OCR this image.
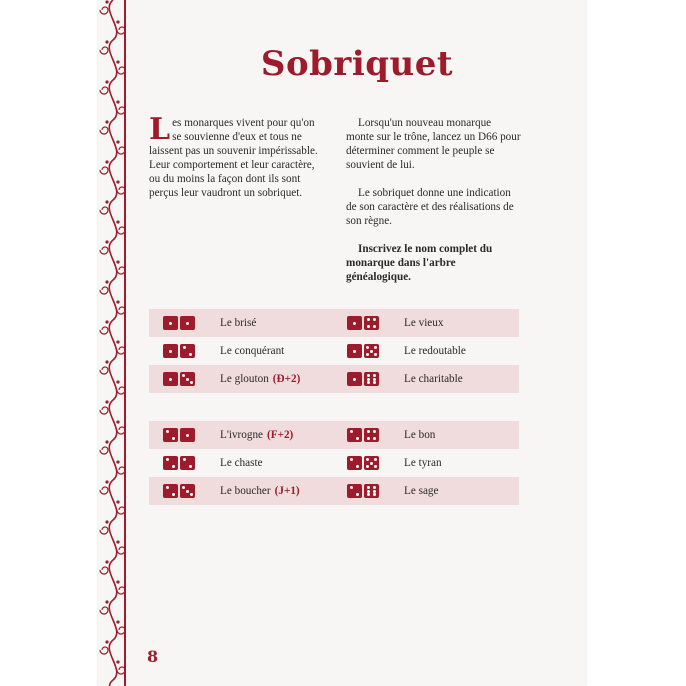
Sobriquet

Les monarques vivent pour qu'on se souvienne d'eux et tous ne laissent pas un souvenir impérissable. Leur comportement et leur caractère, ou du moins la façon dont ils sont perçus leur vaudront un sobriquet.

Lorsqu'un nouveau monarque monte sur le trône, lancez un D66 pour déterminer comment le peuple se souvient de lui.

Le sobriquet donne une indication de son caractère et des réalisations de son règne.

Inscrivez le nom complet du monarque dans l'arbre généalogique.

Le brisé	Le vieux
Le conquérant	Le redoutable
Le glouton (Ð+2)	Le charitable
L'ivrogne (F+2)	Le bon
Le chaste	Le tyran
Le boucher (J+1)	Le sage
8
